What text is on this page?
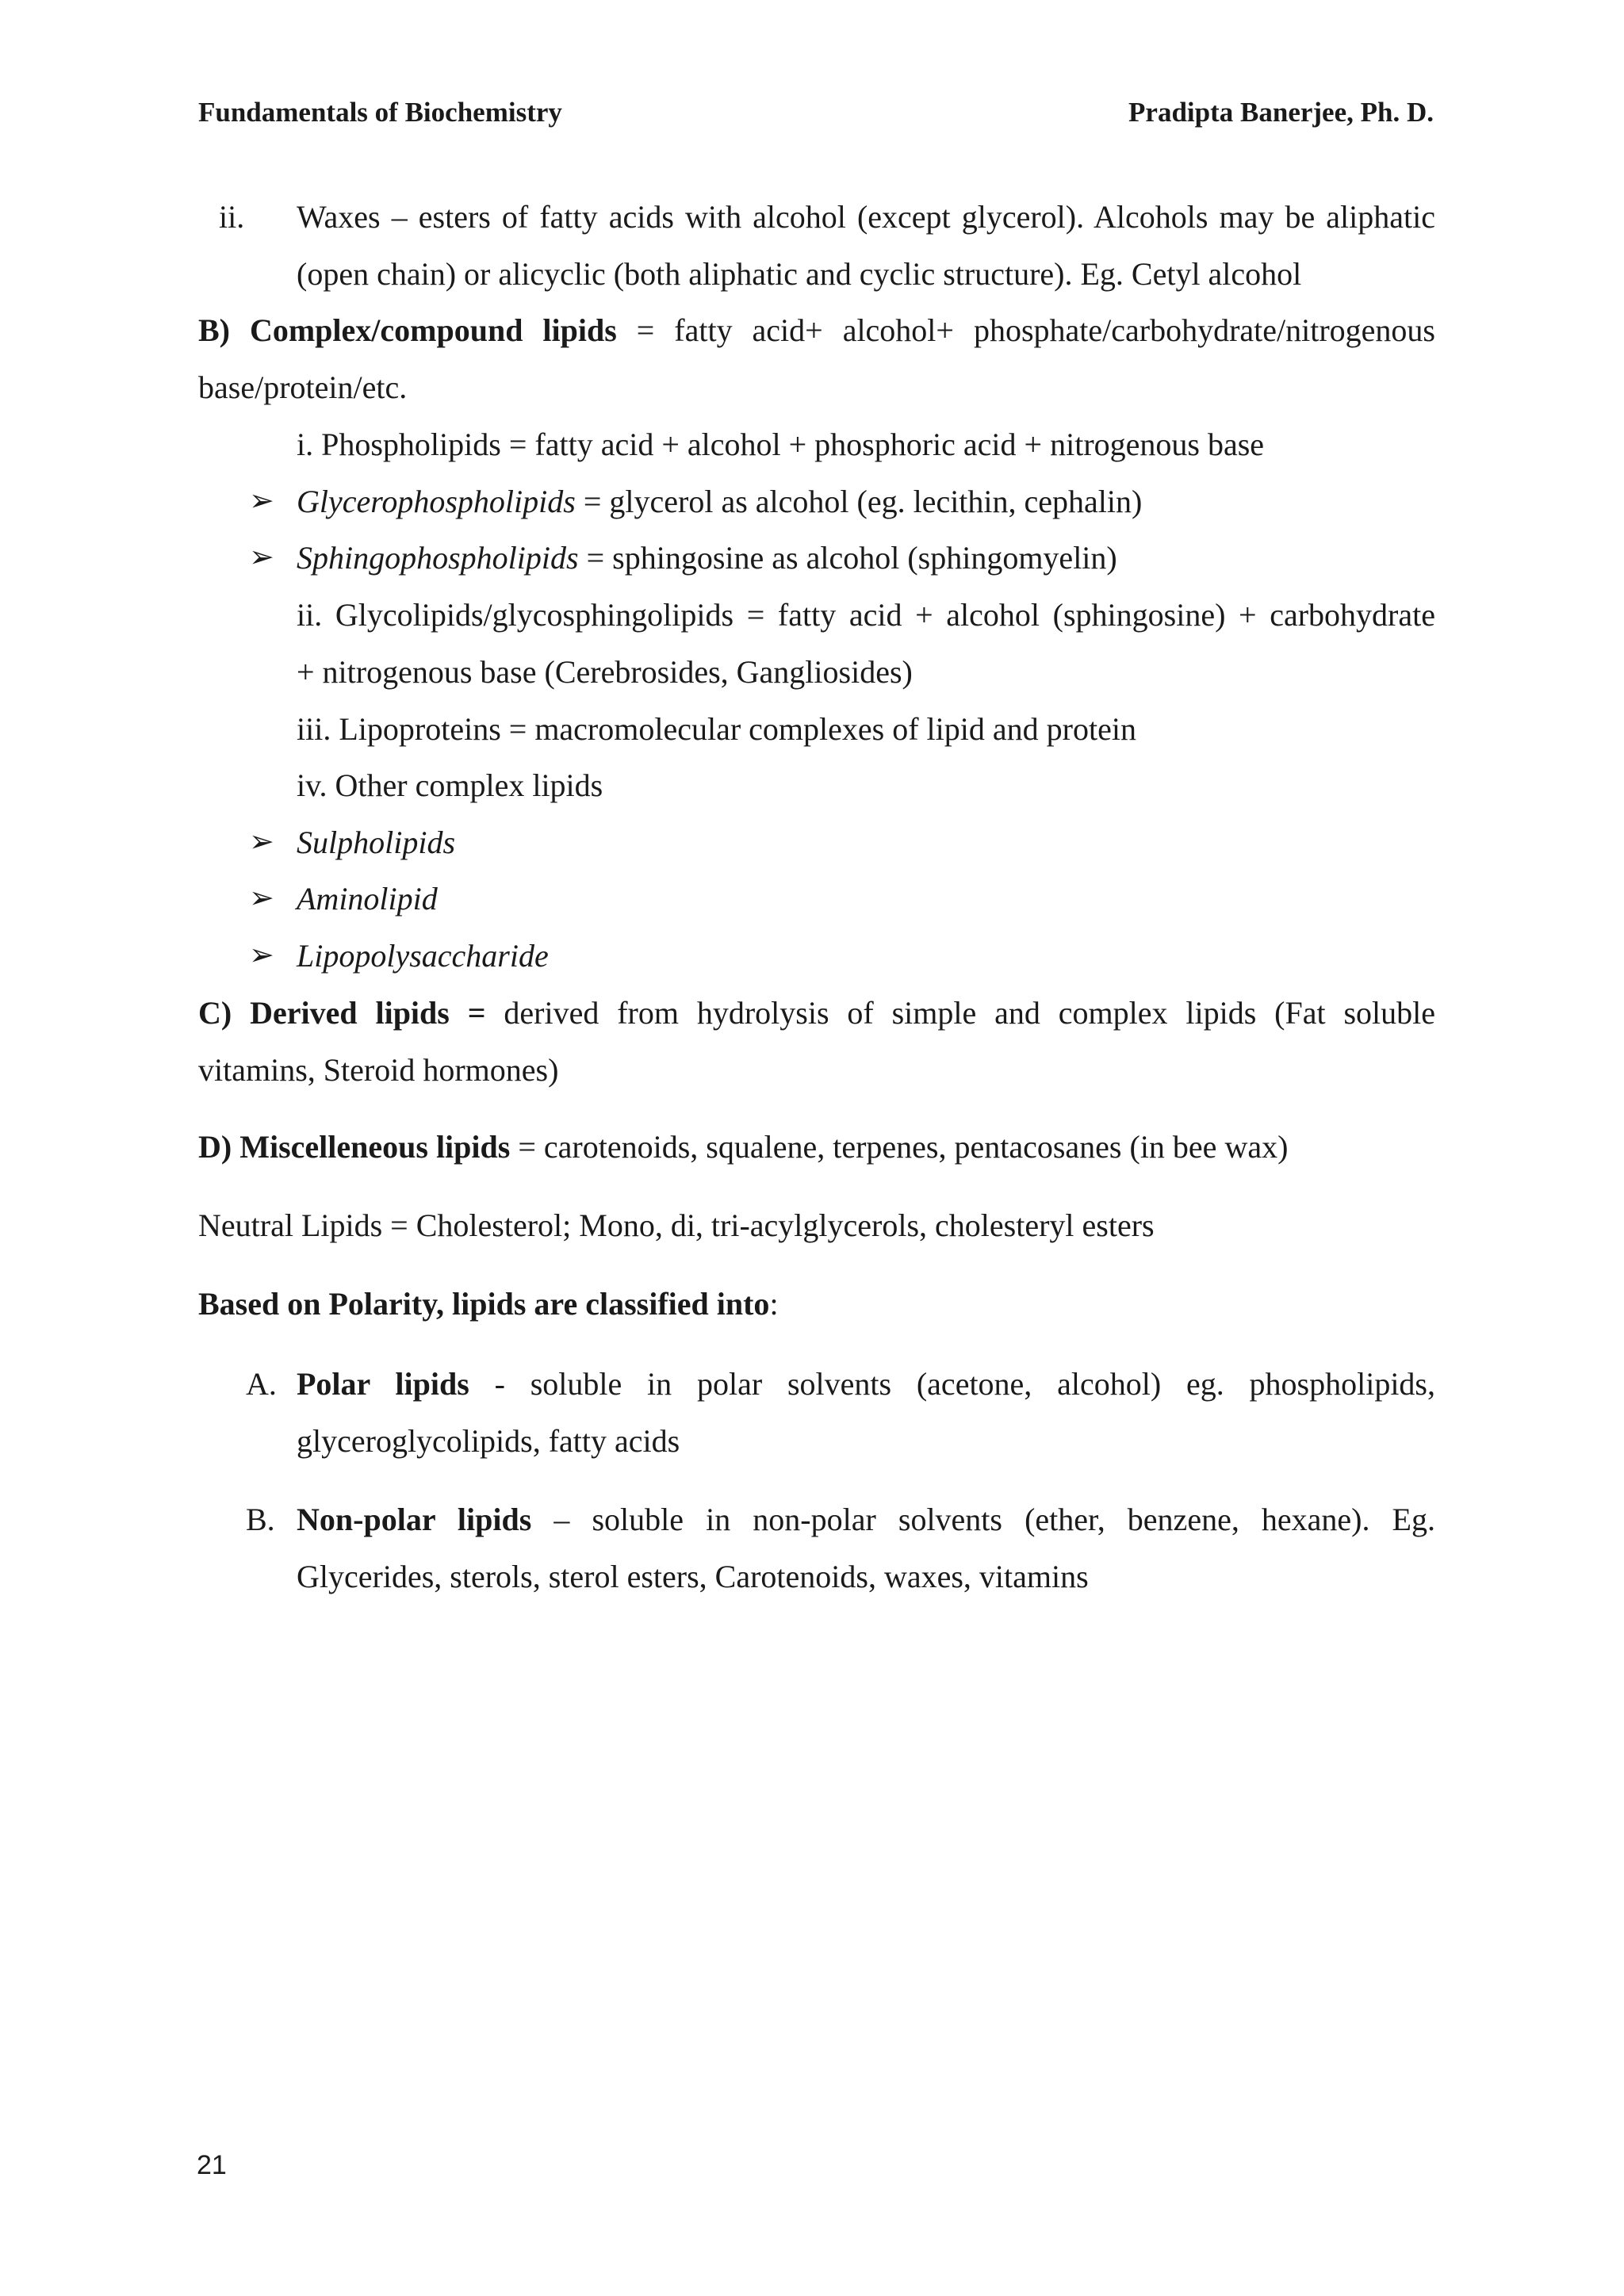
Fundamentals of Biochemistry	Pradipta Banerjee, Ph. D.
ii. Waxes – esters of fatty acids with alcohol (except glycerol). Alcohols may be aliphatic
(open chain) or alicyclic (both aliphatic and cyclic structure). Eg. Cetyl alcohol
B) Complex/compound lipids = fatty acid+ alcohol+ phosphate/carbohydrate/nitrogenous
base/protein/etc.
i. Phospholipids = fatty acid + alcohol + phosphoric acid + nitrogenous base
➢ Glycerophospholipids = glycerol as alcohol (eg. lecithin, cephalin)
➢ Sphingophospholipids = sphingosine as alcohol (sphingomyelin)
ii. Glycolipids/glycosphingolipids = fatty acid + alcohol (sphingosine) + carbohydrate
+ nitrogenous base (Cerebrosides, Gangliosides)
iii. Lipoproteins = macromolecular complexes of lipid and protein
iv. Other complex lipids
➢ Sulpholipids
➢ Aminolipid
➢ Lipopolysaccharide
C) Derived lipids = derived from hydrolysis of simple and complex lipids (Fat soluble
vitamins, Steroid hormones)
D) Miscelleneous lipids = carotenoids, squalene, terpenes, pentacosanes (in bee wax)
Neutral Lipids = Cholesterol; Mono, di, tri-acylglycerols, cholesteryl esters
Based on Polarity, lipids are classified into:
A. Polar lipids - soluble in polar solvents (acetone, alcohol) eg. phospholipids,
glyceroglycolipids, fatty acids
B. Non-polar lipids – soluble in non-polar solvents (ether, benzene, hexane). Eg.
Glycerides, sterols, sterol esters, Carotenoids, waxes, vitamins
21
